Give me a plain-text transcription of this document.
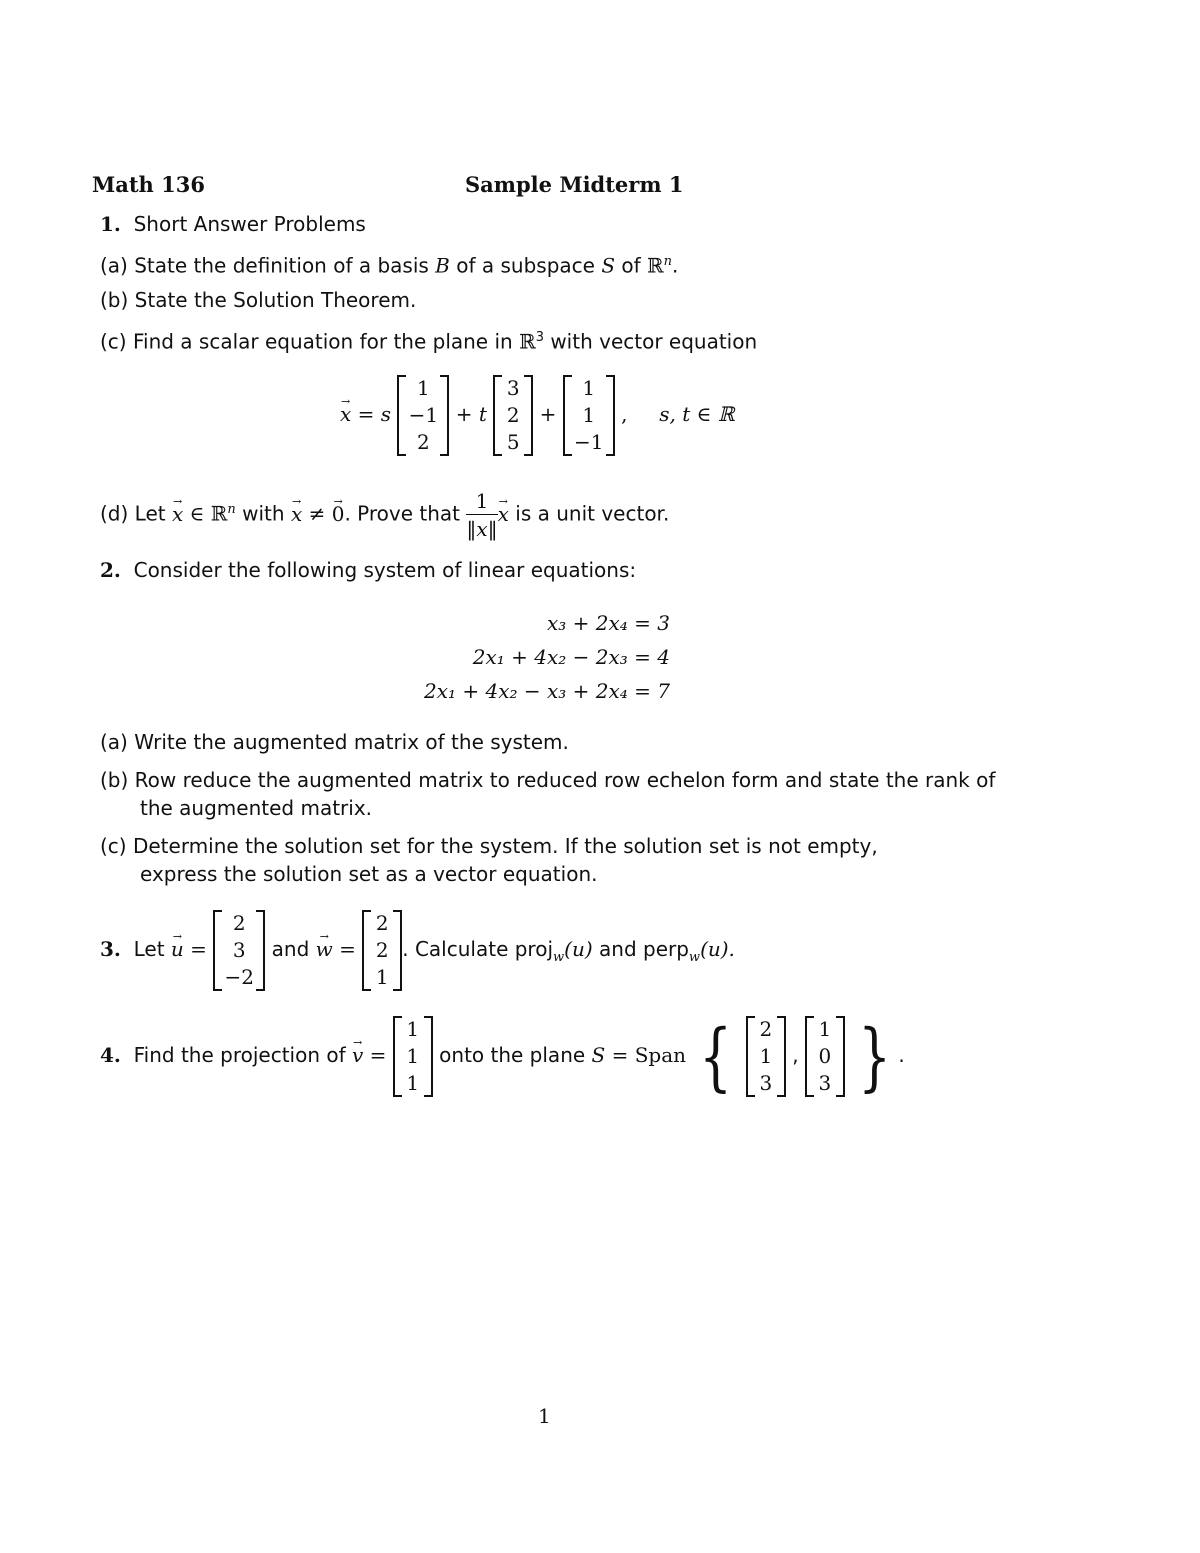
Math 136	Sample Midterm 1
1. Short Answer Problems
(a) State the definition of a basis B of a subspace S of ℝ$^n$.
(b) State the Solution Theorem.
(c) Find a scalar equation for the plane in ℝ$^3$ with vector equation
x → = s
1
−1
2
+ t
3
2
5
+
1
1
−1
, s, t ∈ ℝ
(d) Let x → ∈ ℝ$^n$ with x → ≠ 0 →. Prove that $\frac{1}{‖x‖}$ x → is a unit vector.
2. Consider the following system of linear equations:
x₃ + 2x₄ = 3
2x₁ + 4x₂ − 2x₃ = 4
2x₁ + 4x₂ − x₃ + 2x₄ = 7
(a) Write the augmented matrix of the system.
(b) Row reduce the augmented matrix to reduced row echelon form and state the rank of
the augmented matrix.
(c) Determine the solution set for the system. If the solution set is not empty,
express the solution set as a vector equation.
3. Let u → =
2
3
−2
and w → =
2
2
1
. Calculate proj$_w$(u) and perp$_w$(u).
4. Find the projection of v → =
1
1
1
onto the plane S = Span { 2
1
3
,
1
0
3 } .
1
